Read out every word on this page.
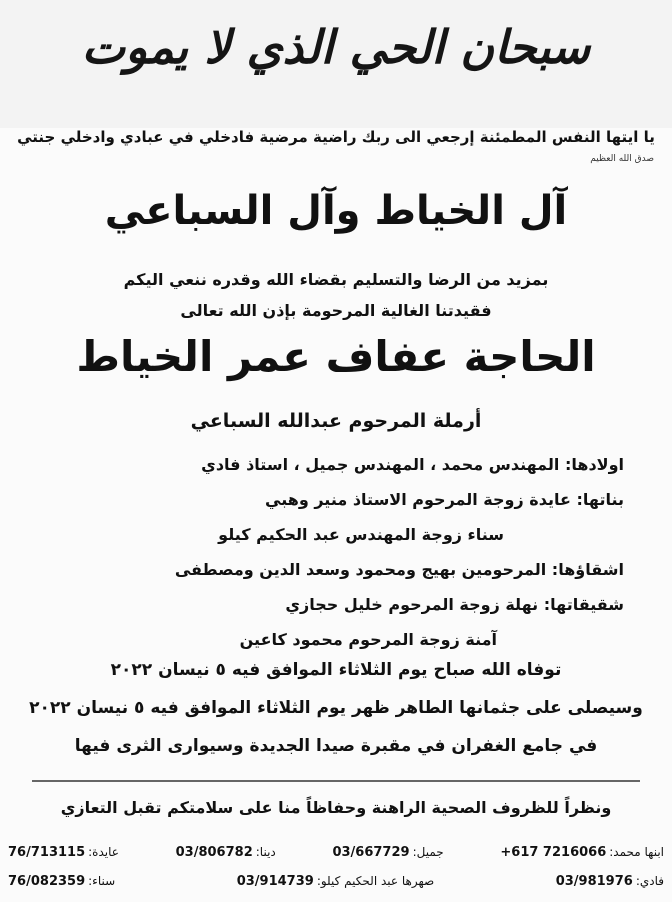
سبحان الحي الذي لا يموت
يا ايتها النفس المطمئنة إرجعي الى ربك راضية مرضية فادخلي في عبادي وادخلي جنتي
صدق الله العظيم
آل الخياط وآل السباعي
بمزيد من الرضا والتسليم بقضاء الله وقدره ننعي اليكم
فقيدتنا الغالية المرحومة بإذن الله تعالى
الحاجة عفاف عمر الخياط
أرملة المرحوم عبدالله السباعي
اولادها: المهندس محمد ، المهندس جميل ، استاذ فادي
بناتها: عايدة زوجة المرحوم الاستاذ منير وهبي
سناء زوجة المهندس عبد الحكيم كيلو
اشقاؤها: المرحومين بهيج ومحمود وسعد الدين ومصطفى
شقيقاتها: نهلة زوجة المرحوم خليل حجازي
آمنة زوجة المرحوم محمود كاعين
توفاه الله صباح يوم الثلاثاء الموافق فيه ٥ نيسان ٢٠٢٢
وسيصلى على جثمانها الطاهر ظهر يوم الثلاثاء الموافق فيه ٥ نيسان ٢٠٢٢
في جامع الغفران في مقبرة صيدا الجديدة وسيوارى الثرى فيها
ونظراً للظروف الصحية الراهنة وحفاظاً منا على سلامتكم تقبل التعازي
ابنها محمد:+617 7216066
جميل:03/667729
دينا:03/806782
عايدة:76/713115
فادي:03/981976
صهرها عبد الحكيم كيلو:03/914739
سناء:76/082359
